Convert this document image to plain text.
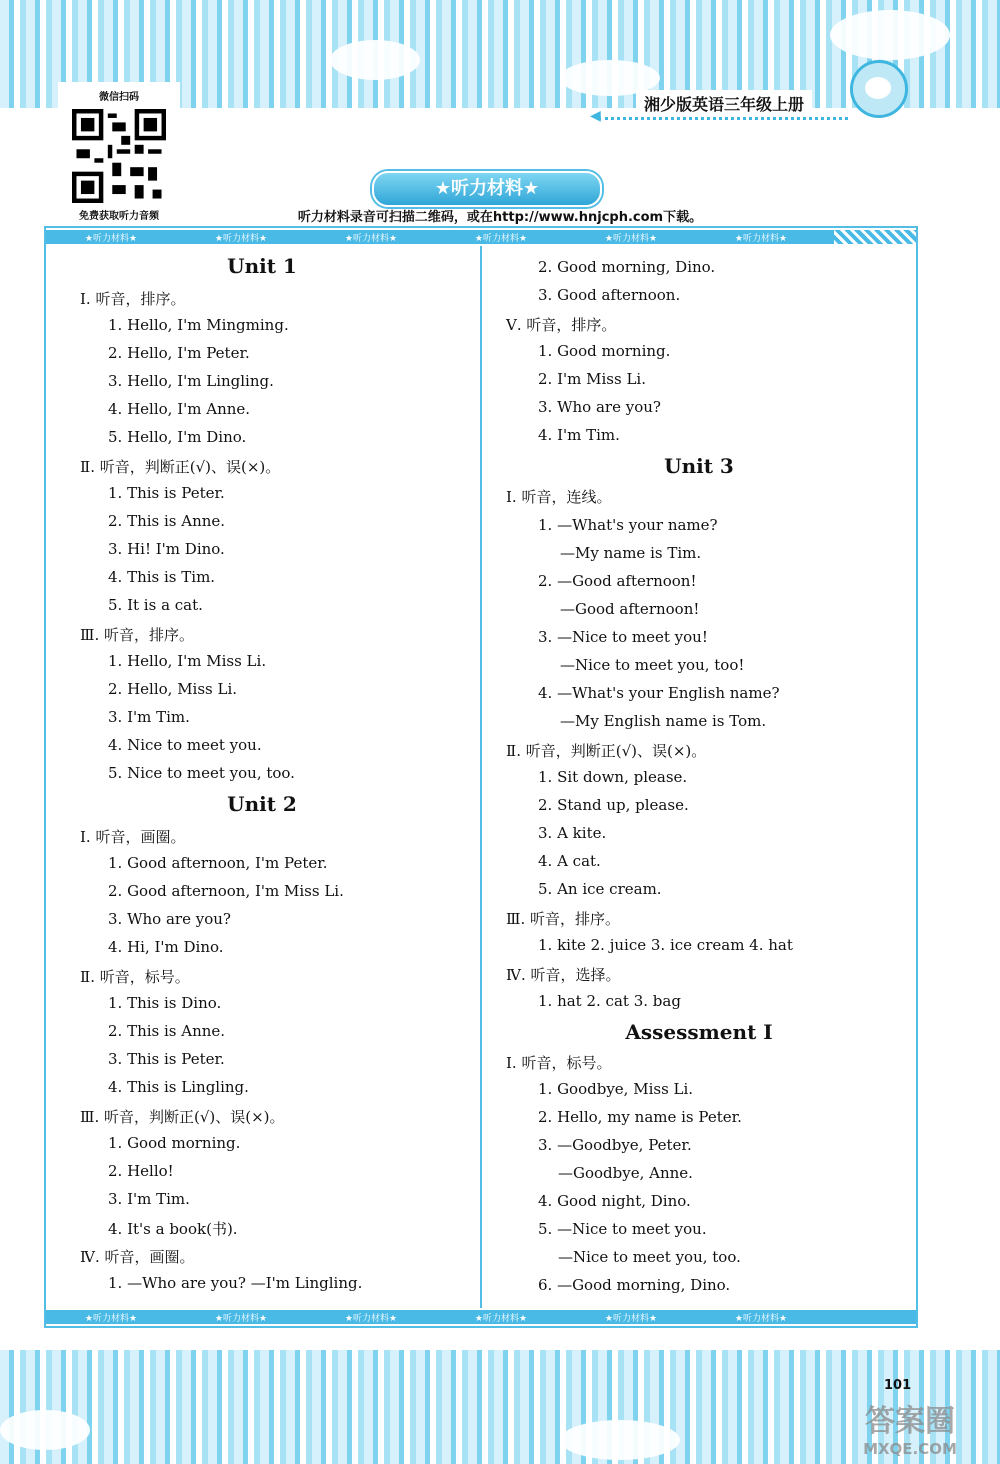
微信扫码
免费获取听力音频
◀
湘少版英语三年级上册
★听力材料★
听力材料录音可扫描二维码，或在http://www.hnjcph.com下载。
★听力材料★	★听力材料★	★听力材料★	★听力材料★	★听力材料★	★听力材料★
Unit 1
Ⅰ. 听音，排序。
1. Hello, I'm Mingming.
2. Hello, I'm Peter.
3. Hello, I'm Lingling.
4. Hello, I'm Anne.
5. Hello, I'm Dino.
Ⅱ. 听音，判断正(√)、误(×)。
1. This is Peter.
2. This is Anne.
3. Hi! I'm Dino.
4. This is Tim.
5. It is a cat.
Ⅲ. 听音，排序。
1. Hello, I'm Miss Li.
2. Hello, Miss Li.
3. I'm Tim.
4. Nice to meet you.
5. Nice to meet you, too.
Unit 2
Ⅰ. 听音，画圈。
1. Good afternoon, I'm Peter.
2. Good afternoon, I'm Miss Li.
3. Who are you?
4. Hi, I'm Dino.
Ⅱ. 听音，标号。
1. This is Dino.
2. This is Anne.
3. This is Peter.
4. This is Lingling.
Ⅲ. 听音，判断正(√)、误(×)。
1. Good morning.
2. Hello!
3. I'm Tim.
4. It's a book(书).
Ⅳ. 听音，画圈。
1. —Who are you? —I'm Lingling.
2. Good morning, Dino.
3. Good afternoon.
Ⅴ. 听音，排序。
1. Good morning.
2. I'm Miss Li.
3. Who are you?
4. I'm Tim.
Unit 3
Ⅰ. 听音，连线。
1. —What's your name?
—My name is Tim.
2. —Good afternoon!
—Good afternoon!
3. —Nice to meet you!
—Nice to meet you, too!
4. —What's your English name?
—My English name is Tom.
Ⅱ. 听音，判断正(√)、误(×)。
1. Sit down, please.
2. Stand up, please.
3. A kite.
4. A cat.
5. An ice cream.
Ⅲ. 听音，排序。
1. kite 2. juice 3. ice cream 4. hat
Ⅳ. 听音，选择。
1. hat 2. cat 3. bag
Assessment Ⅰ
Ⅰ. 听音，标号。
1. Goodbye, Miss Li.
2. Hello, my name is Peter.
3. —Goodbye, Peter.
—Goodbye, Anne.
4. Good night, Dino.
5. —Nice to meet you.
—Nice to meet you, too.
6. —Good morning, Dino.
★听力材料★	★听力材料★	★听力材料★	★听力材料★	★听力材料★	★听力材料★
101
答案圈
MXQE.COM
